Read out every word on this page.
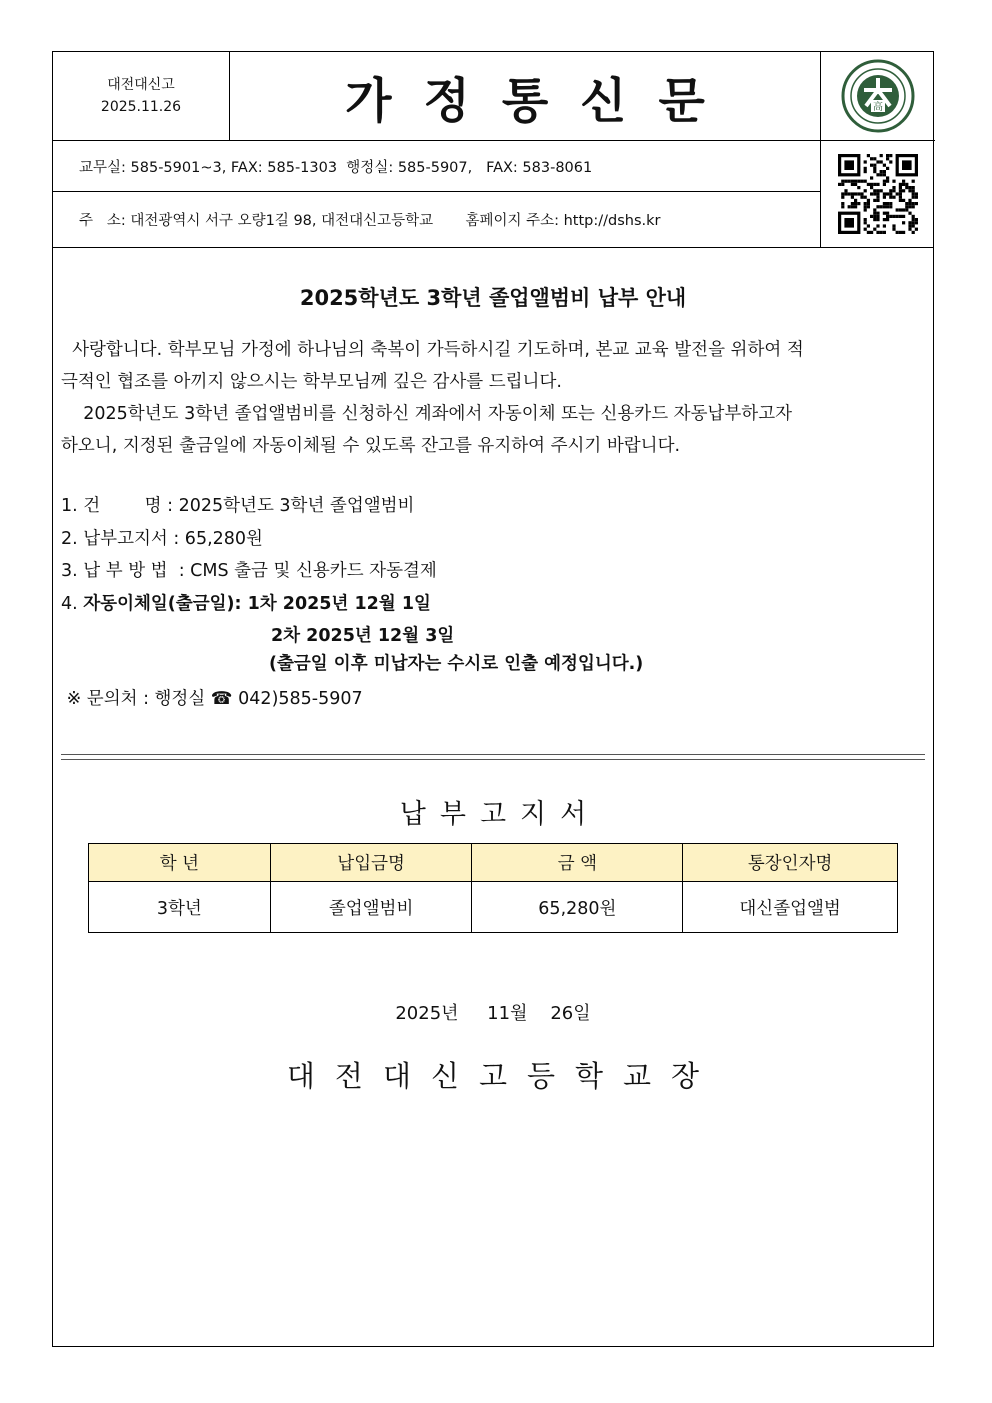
대전대신고
2025.11.26	가정통신문	高
교무실: 585-5901~3, FAX: 585-1303  행정실: 585-5907,   FAX: 583-8061
주   소: 대전광역시 서구 오량1길 98, 대전대신고등학교       홈페이지 주소: http://dshs.kr
2025학년도 3학년 졸업앨범비 납부 안내
사랑합니다. 학부모님 가정에 하나님의 축복이 가득하시길 기도하며, 본교 교육 발전을 위하여 적
극적인 협조를 아끼지 않으시는 학부모님께 깊은 감사를 드립니다.
2025학년도 3학년 졸업앨범비를 신청하신 계좌에서 자동이체 또는 신용카드 자동납부하고자
하오니, 지정된 출금일에 자동이체될 수 있도록 잔고를 유지하여 주시기 바랍니다.
1. 건        명 : 2025학년도 3학년 졸업앨범비
2. 납부고지서 : 65,280원
3. 납 부 방 법  : CMS 출금 및 신용카드 자동결제
4. 자동이체일(출금일): 1차 2025년 12월 1일
2차 2025년 12월 3일
(출금일 이후 미납자는 수시로 인출 예정입니다.)
※ 문의처 : 행정실 ☎ 042)585-5907
납부고지서
학 년	납입금명	금 액	통장인자명
3학년	졸업앨범비	65,280원	대신졸업앨범
2025년     11월    26일
대전대신고등학교장
